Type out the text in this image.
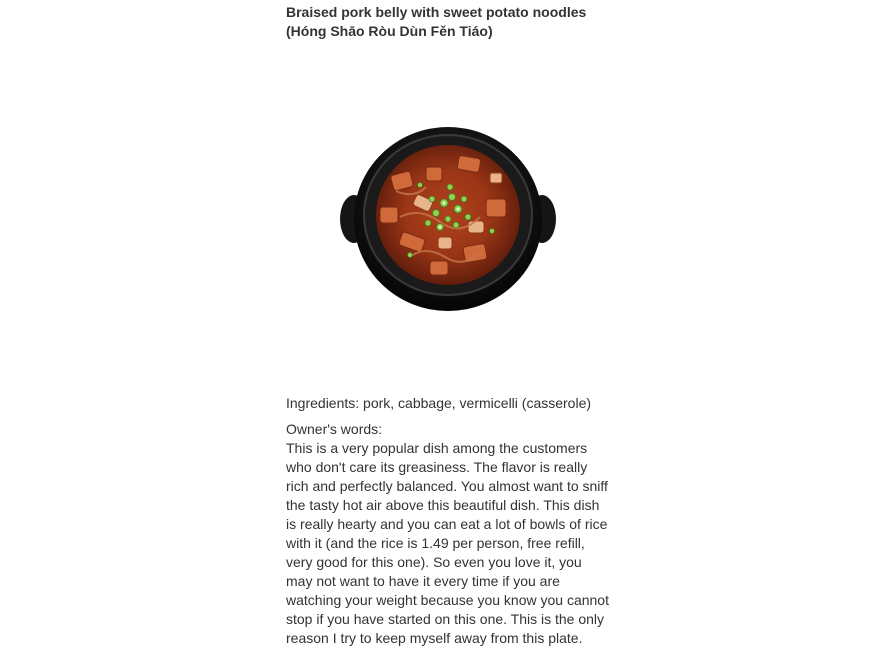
Braised pork belly with sweet potato noodles (Hóng Shāo Ròu Dùn Fěn Tiáo)
Ingredients: pork, cabbage, vermicelli (casserole)
Owner's words:
This is a very popular dish among the customers who don't care its greasiness. The flavor is really rich and perfectly balanced. You almost want to sniff the tasty hot air above this beautiful dish. This dish is really hearty and you can eat a lot of bowls of rice with it (and the rice is 1.49 per person, free refill, very good for this one). So even you love it, you may not want to have it every time if you are watching your weight because you know you cannot stop if you have started on this one. This is the only reason I try to keep myself away from this plate.
